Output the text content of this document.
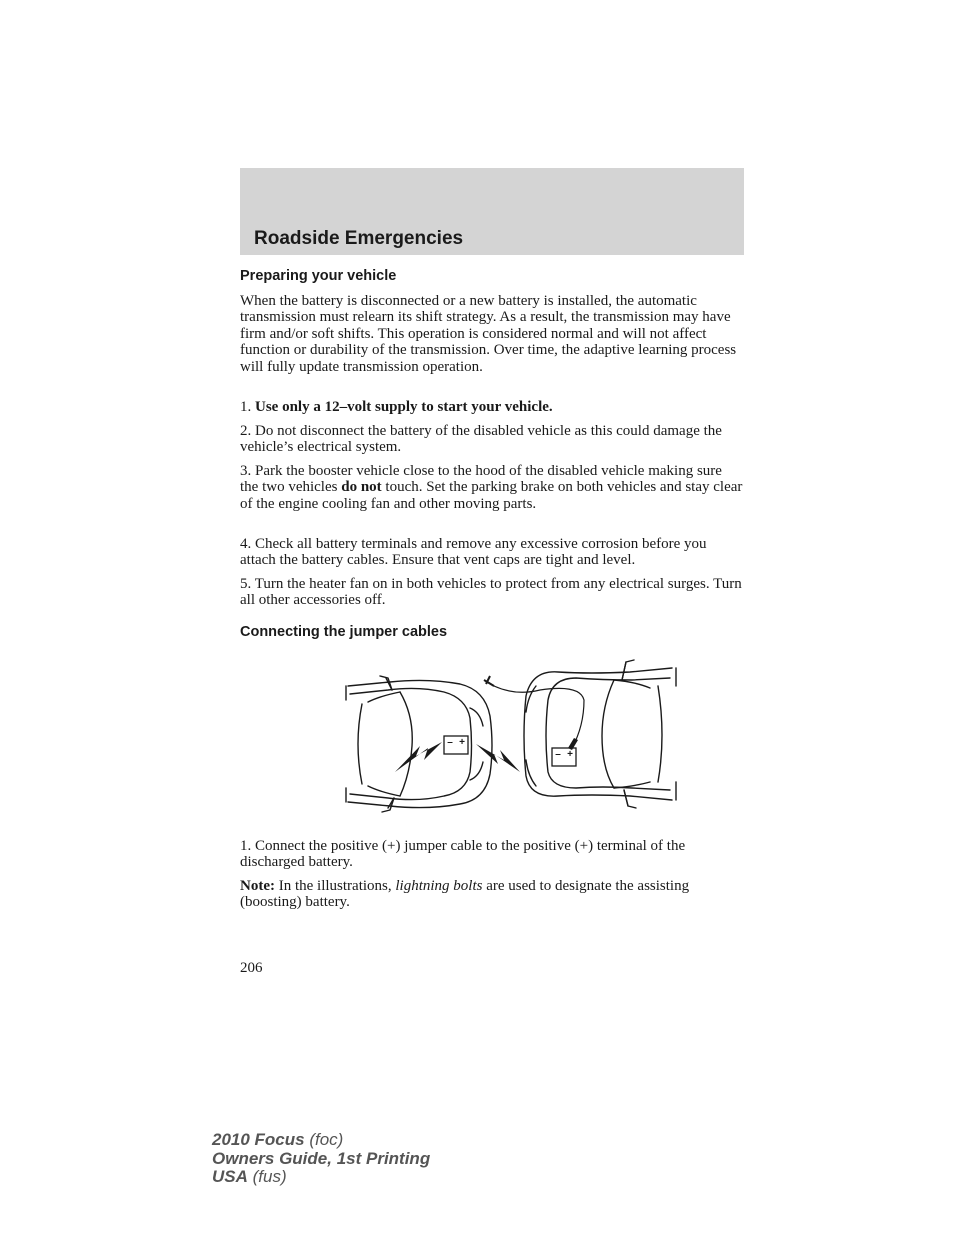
Roadside Emergencies
Preparing your vehicle
When the battery is disconnected or a new battery is installed, the automatic transmission must relearn its shift strategy. As a result, the transmission may have firm and/or soft shifts. This operation is considered normal and will not affect function or durability of the transmission. Over time, the adaptive learning process will fully update transmission operation.
1. Use only a 12–volt supply to start your vehicle.
2. Do not disconnect the battery of the disabled vehicle as this could damage the vehicle’s electrical system.
3. Park the booster vehicle close to the hood of the disabled vehicle making sure the two vehicles do not touch. Set the parking brake on both vehicles and stay clear of the engine cooling fan and other moving parts.
4. Check all battery terminals and remove any excessive corrosion before you attach the battery cables. Ensure that vent caps are tight and level.
5. Turn the heater fan on in both vehicles to protect from any electrical surges. Turn all other accessories off.
Connecting the jumper cables
– +
– +
1. Connect the positive (+) jumper cable to the positive (+) terminal of the discharged battery.
Note: In the illustrations, lightning bolts are used to designate the assisting (boosting) battery.
206
2010 Focus (foc)
Owners Guide, 1st Printing
USA (fus)
